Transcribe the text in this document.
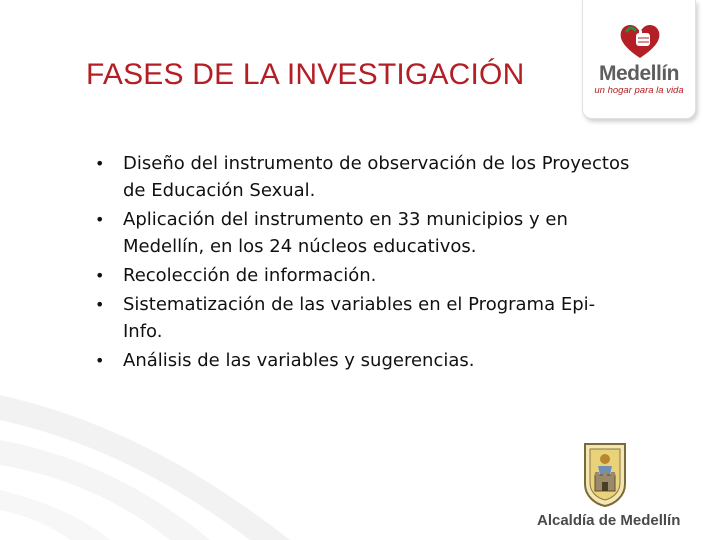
FASES DE LA INVESTIGACIÓN	Medellín
un hogar para la vida
• Diseño del instrumento de observación de los Proyectos de Educación Sexual.
• Aplicación del instrumento en 33 municipios y en Medellín, en los 24 núcleos educativos.
• Recolección de información.
• Sistematización de las variables en el Programa Epi-Info.
• Análisis de las variables y sugerencias.
Alcaldía de Medellín
